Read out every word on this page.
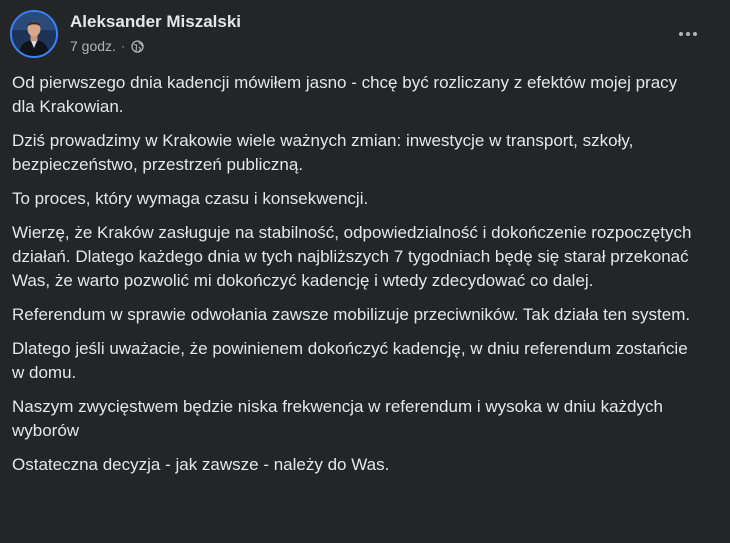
Aleksander Miszalski
7 godz. ·

Od pierwszego dnia kadencji mówiłem jasno - chcę być rozliczany z efektów mojej pracy dla Krakowian.

Dziś prowadzimy w Krakowie wiele ważnych zmian: inwestycje w transport, szkoły, bezpieczeństwo, przestrzeń publiczną.

To proces, który wymaga czasu i konsekwencji.

Wierzę, że Kraków zasługuje na stabilność, odpowiedzialność i dokończenie rozpoczętych działań. Dlatego każdego dnia w tych najbliższych 7 tygodniach będę się starał przekonać Was, że warto pozwolić mi dokończyć kadencję i wtedy zdecydować co dalej.

Referendum w sprawie odwołania zawsze mobilizuje przeciwników. Tak działa ten system.

Dlatego jeśli uważacie, że powinienem dokończyć kadencję, w dniu referendum zostańcie w domu.

Naszym zwycięstwem będzie niska frekwencja w referendum i wysoka w dniu każdych wyborów

Ostateczna decyzja - jak zawsze - należy do Was.
